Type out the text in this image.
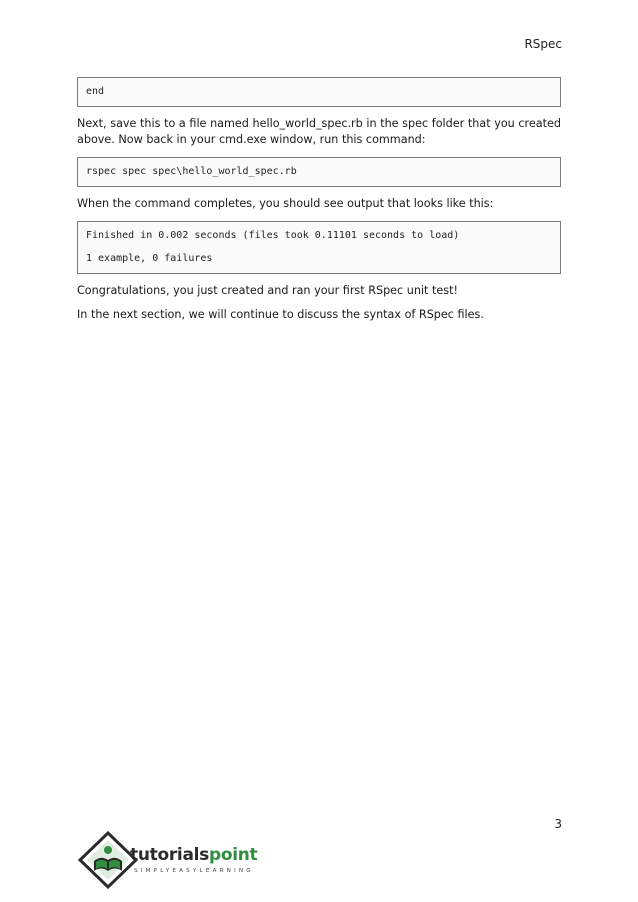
RSpec
end

Next, save this to a file named hello_world_spec.rb in the spec folder that you created above. Now back in your cmd.exe window, run this command:

rspec spec spec\hello_world_spec.rb

When the command completes, you should see output that looks like this:

Finished in 0.002 seconds (files took 0.11101 seconds to load)
1 example, 0 failures

Congratulations, you just created and ran your first RSpec unit test!

In the next section, we will continue to discuss the syntax of RSpec files.

3
tutorialspoint
SIMPLYEASYLEARNING
